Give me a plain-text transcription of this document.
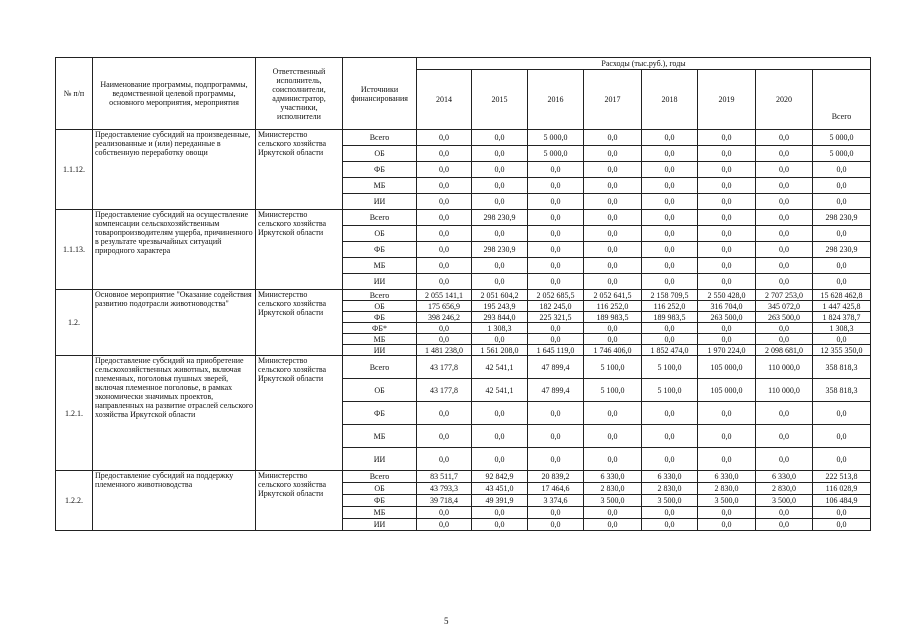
№ п/п	Наименование программы, подпрограммы, ведомственной целевой программы, основного мероприятия, мероприятия	Ответственный исполнитель, соисполнители, администратор, участники, исполнители	Источники финансирования	Расходы (тыс.руб.), годы							
				2014	2015	2016	2017	2018	2019	2020	Всего
1.1.12.	Предоставление субсидий на произведенные, реализованные и (или) переданные в собственную переработку овощи	Министерство сельского хозяйства Иркутской области	Всего	0,0	0,0	5 000,0	0,0	0,0	0,0	0,0	5 000,0
			ОБ	0,0	0,0	5 000,0	0,0	0,0	0,0	0,0	5 000,0
			ФБ	0,0	0,0	0,0	0,0	0,0	0,0	0,0	0,0
			МБ	0,0	0,0	0,0	0,0	0,0	0,0	0,0	0,0
			ИИ	0,0	0,0	0,0	0,0	0,0	0,0	0,0	0,0
1.1.13.	Предоставление субсидий на осуществление компенсации сельскохозяйственным товаропроизводителям ущерба, причиненного в результате чрезвычайных ситуаций природного характера	Министерство сельского хозяйства Иркутской области	Всего	0,0	298 230,9	0,0	0,0	0,0	0,0	0,0	298 230,9
			ОБ	0,0	0,0	0,0	0,0	0,0	0,0	0,0	0,0
			ФБ	0,0	298 230,9	0,0	0,0	0,0	0,0	0,0	298 230,9
			МБ	0,0	0,0	0,0	0,0	0,0	0,0	0,0	0,0
			ИИ	0,0	0,0	0,0	0,0	0,0	0,0	0,0	0,0
1.2.	Основное мероприятие "Оказание содействия развитию подотрасли животноводства"	Министерство сельского хозяйства Иркутской области	Всего	2 055 141,1	2 051 604,2	2 052 685,5	2 052 641,5	2 158 709,5	2 550 428,0	2 707 253,0	15 628 462,8
			ОБ	175 656,9	195 243,9	182 245,0	116 252,0	116 252,0	316 704,0	345 072,0	1 447 425,8
			ФБ	398 246,2	293 844,0	225 321,5	189 983,5	189 983,5	263 500,0	263 500,0	1 824 378,7
			ФБ*	0,0	1 308,3	0,0	0,0	0,0	0,0	0,0	1 308,3
			МБ	0,0	0,0	0,0	0,0	0,0	0,0	0,0	0,0
			ИИ	1 481 238,0	1 561 208,0	1 645 119,0	1 746 406,0	1 852 474,0	1 970 224,0	2 098 681,0	12 355 350,0
1.2.1.	Предоставление субсидий на приобретение сельскохозяйственных животных, включая племенных, поголовья пушных зверей, включая племенное поголовье, в рамках экономически значимых проектов, направленных на развитие отраслей сельского хозяйства Иркутской области	Министерство сельского хозяйства Иркутской области	Всего	43 177,8	42 541,1	47 899,4	5 100,0	5 100,0	105 000,0	110 000,0	358 818,3
			ОБ	43 177,8	42 541,1	47 899,4	5 100,0	5 100,0	105 000,0	110 000,0	358 818,3
			ФБ	0,0	0,0	0,0	0,0	0,0	0,0	0,0	0,0
			МБ	0,0	0,0	0,0	0,0	0,0	0,0	0,0	0,0
			ИИ	0,0	0,0	0,0	0,0	0,0	0,0	0,0	0,0
1.2.2.	Предоставление субсидий на поддержку племенного животноводства	Министерство сельского хозяйства Иркутской области	Всего	83 511,7	92 842,9	20 839,2	6 330,0	6 330,0	6 330,0	6 330,0	222 513,8
			ОБ	43 793,3	43 451,0	17 464,6	2 830,0	2 830,0	2 830,0	2 830,0	116 028,9
			ФБ	39 718,4	49 391,9	3 374,6	3 500,0	3 500,0	3 500,0	3 500,0	106 484,9
			МБ	0,0	0,0	0,0	0,0	0,0	0,0	0,0	0,0
			ИИ	0,0	0,0	0,0	0,0	0,0	0,0	0,0	0,0
5
